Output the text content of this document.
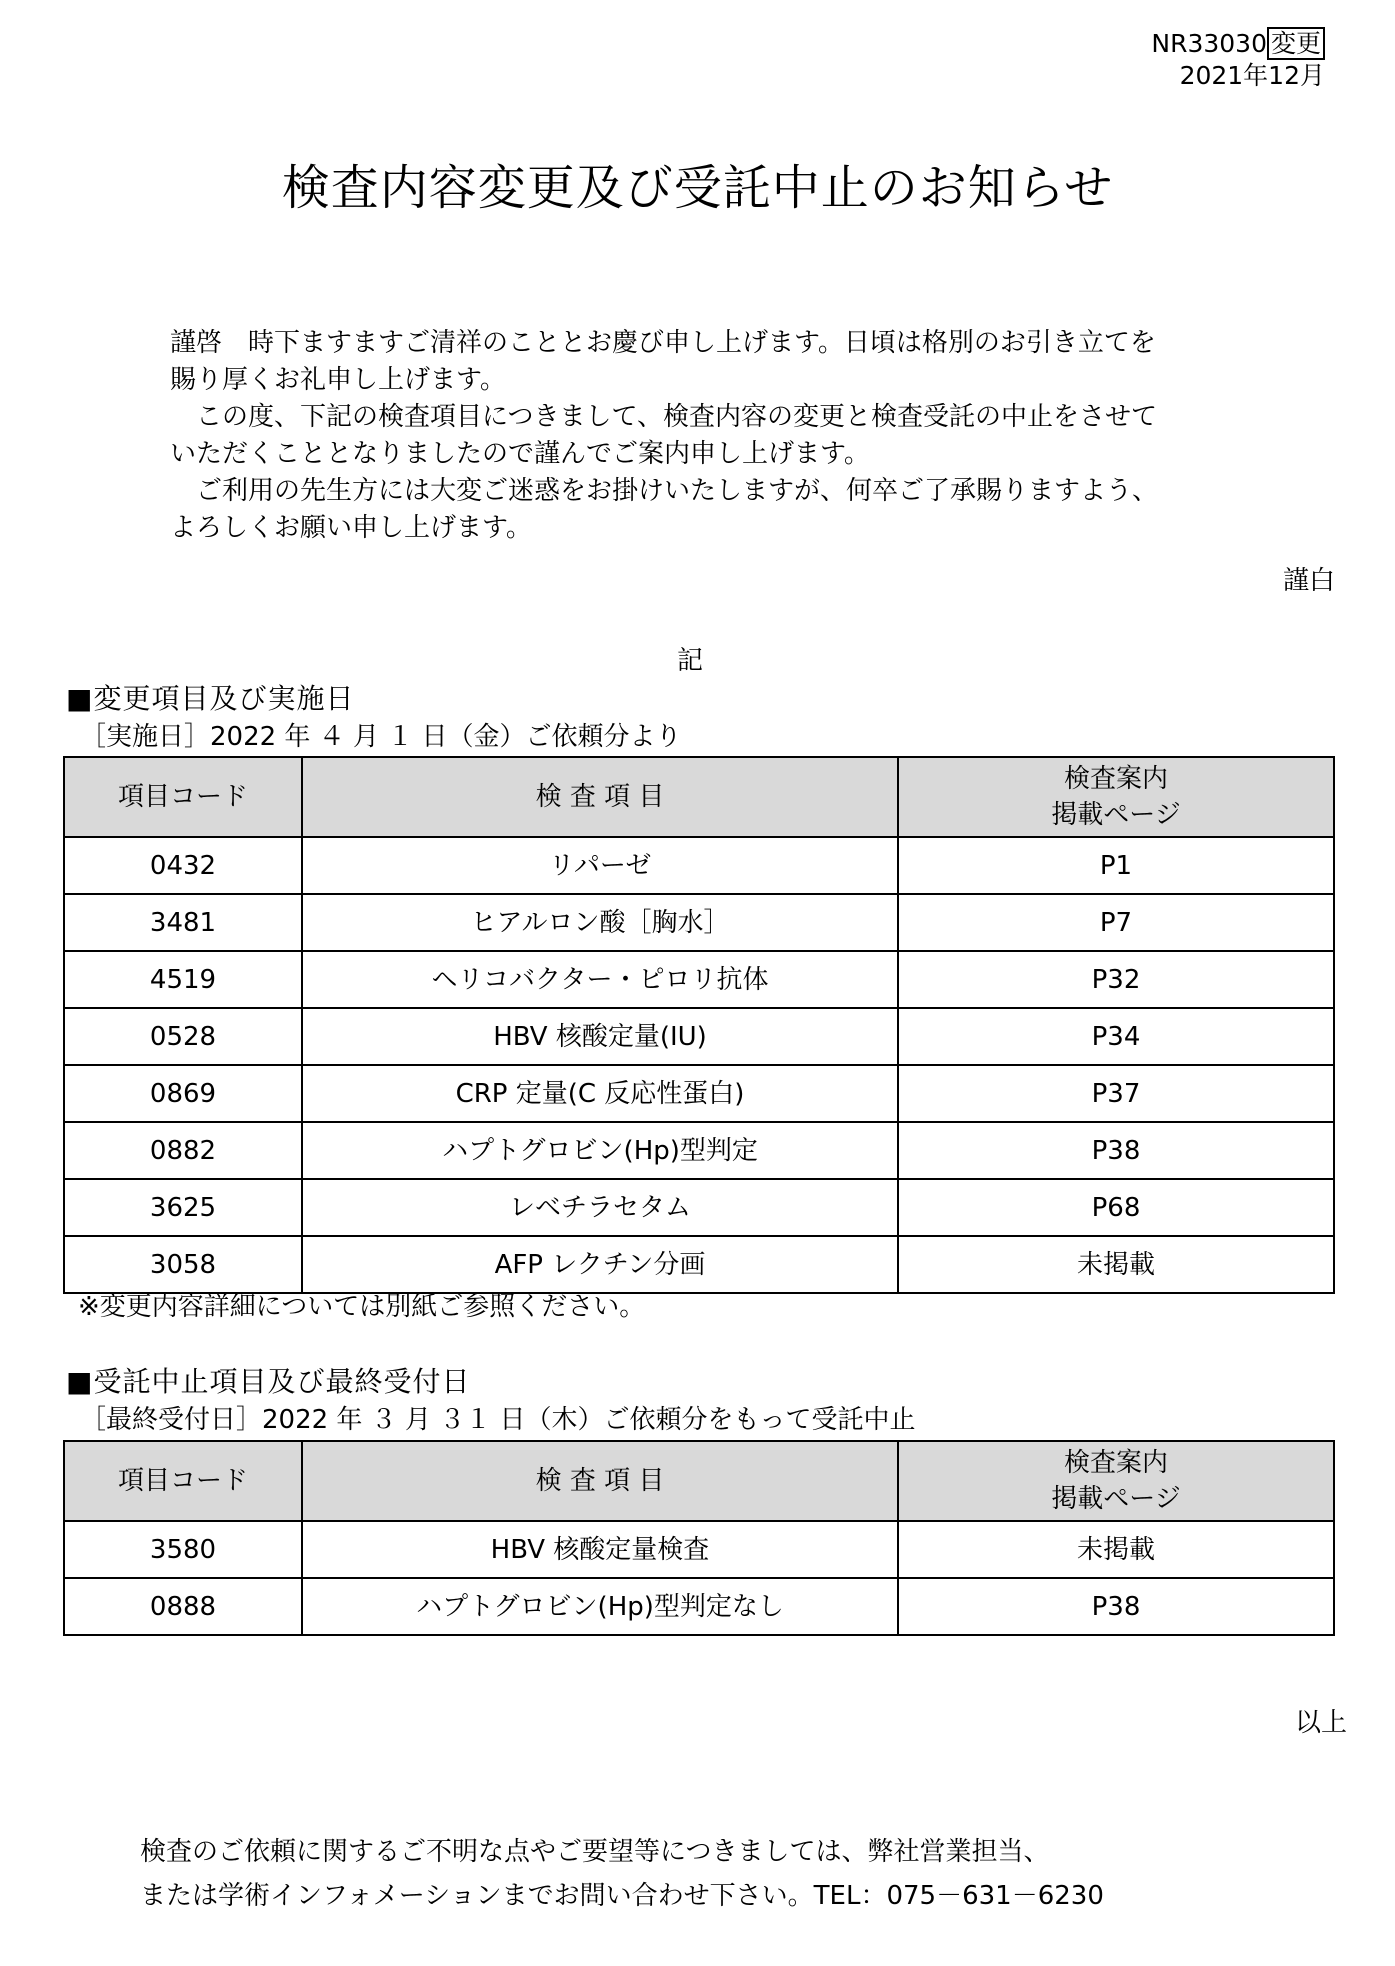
NR33030 変更
2021年12月
検査内容変更及び受託中止のお知らせ

謹啓　時下ますますご清祥のこととお慶び申し上げます。日頃は格別のお引き立てを

賜り厚くお礼申し上げます。

　この度、下記の検査項目につきまして、検査内容の変更と検査受託の中止をさせて

いただくこととなりましたので謹んでご案内申し上げます。

　ご利用の先生方には大変ご迷惑をお掛けいたしますが、何卒ご了承賜りますよう、

よろしくお願い申し上げます。

謹白
記
■変更項目及び実施日
［実施日］2022 年 ４ 月 １ 日（金）ご依頼分より
項目コード	検 査 項 目	検査案内
掲載ページ
0432	リパーゼ	P1
3481	ヒアルロン酸［胸水］	P7
4519	ヘリコバクター・ピロリ抗体	P32
0528	HBV 核酸定量(IU)	P34
0869	CRP 定量(C 反応性蛋白)	P37
0882	ハプトグロビン(Hp)型判定	P38
3625	レベチラセタム	P68
3058	AFP レクチン分画	未掲載
※変更内容詳細については別紙ご参照ください。
■受託中止項目及び最終受付日
［最終受付日］2022 年 ３ 月 ３１ 日（木）ご依頼分をもって受託中止
項目コード	検 査 項 目	検査案内
掲載ページ
3580	HBV 核酸定量検査	未掲載
0888	ハプトグロビン(Hp)型判定なし	P38
以上

検査のご依頼に関するご不明な点やご要望等につきましては、弊社営業担当、

または学術インフォメーションまでお問い合わせ下さい。TEL：075－631－6230
